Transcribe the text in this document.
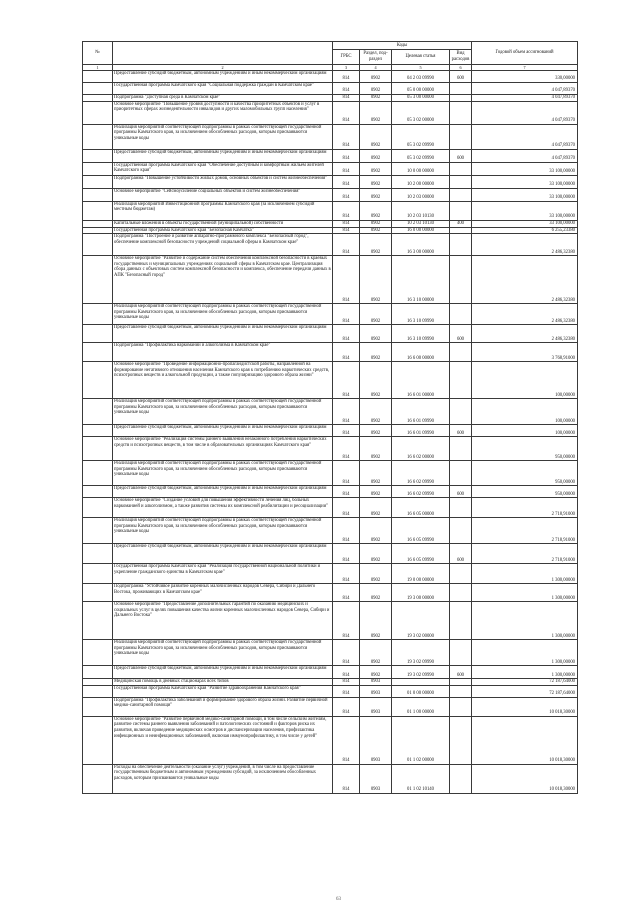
№		Коды				Годовой объем ассигнований
		ГРБС	Раздел, под-раздел	Целевая статья	Вид расходов	
1	2	3	4	5	6	7
	Предоставление субсидий бюджетным, автономным учреждениям и иным некоммерческим организациям	814	0902	04 2 03 09990	600	330,00000
	Государственная программа Камчатского края "Социальная поддержка граждан в Камчатском крае"	814	0902	05 0 00 00000		4 047,89370
	Подпрограмма "Доступная среда в Камчатском крае"	814	0902	05 3 00 00000		4 047,89370
	Основное мероприятие "Повышение уровня доступности и качества приоритетных объектов и услуг в приоритетных сферах жизнедеятельности инвалидов и других маломобильных групп населения"	814	0902	05 3 02 00000		4 047,89370
	Реализация мероприятий соответствующей подпрограммы в рамках соответствующей государственной программы Камчатского края, за исключением обособленных расходов, которым присваиваются уникальные коды	814	0902	05 3 02 09990		4 047,89370
	Предоставление субсидий бюджетным, автономным учреждениям и иным некоммерческим организациям	814	0902	05 3 02 09990	600	4 047,89370
	Государственная программа Камчатского края "Обеспечение доступным и комфортным жильем жителей Камчатского края"	814	0902	10 0 00 00000		33 100,00000
	Подпрограмма "Повышение устойчивости жилых домов, основных объектов и систем жизнеобеспечения"	814	0902	10 2 00 00000		33 100,00000
	Основное мероприятие "Сейсмоусиление социальных объектов и систем жизнеобеспечения"	814	0902	10 2 03 00000		33 100,00000
	Реализация мероприятий Инвестиционной программы Камчатского края (за исключением субсидий местным бюджетам)	814	0902	10 2 03 10130		33 100,00000
	Капитальные вложения в объекты государственной (муниципальной) собственности	814	0902	10 2 03 10130	400	33 100,00000
	Государственная программа Камчатского края "Безопасная Камчатка"	814	0902	16 0 00 00000		6 255,23380
	Подпрограмма "Построение и развитие аппаратно-программного комплекса "Безопасный город", обеспечение комплексной безопасности учреждений социальной сферы в Камчатском крае"	814	0902	16 3 00 00000		2 486,32380
	Основное мероприятие "Развитие и содержание систем обеспечения комплексной безопасности в краевых государственных и муниципальных учреждениях социальной сферы в Камчатском крае. Централизация сбора данных с объектовых систем комплексной безопасности и комплекса, обеспечение передачи данных в АПК "Безопасный город"	814	0902	16 3 10 00000		2 486,32380
	Реализация мероприятий соответствующей подпрограммы в рамках соответствующей государственной программы Камчатского края, за исключением обособленных расходов, которым присваиваются уникальные коды	814	0902	16 3 10 09990		2 486,32380
	Предоставление субсидий бюджетным, автономным учреждениям и иным некоммерческим организациям	814	0902	16 3 10 09990	600	2 486,32380
	Подпрограмма "Профилактика наркомании и алкоголизма в Камчатском крае"	814	0902	16 6 00 00000		3 768,91000
	Основное мероприятие "Проведение информационно-пропагандистской работы, направленной на формирование негативного отношения населения Камчатского края к потреблению наркотических средств, психотропных веществ и алкогольной продукции, а также популяризацию здорового образа жизни"	814	0902	16 6 01 00000		100,00000
	Реализация мероприятий соответствующей подпрограммы в рамках соответствующей государственной программы Камчатского края, за исключением обособленных расходов, которым присваиваются уникальные коды	814	0902	16 6 01 09990		100,00000
	Предоставление субсидий бюджетным, автономным учреждениям и иным некоммерческим организациям	814	0902	16 6 01 09990	600	100,00000
	Основное мероприятие "Реализация системы раннего выявления незаконного потребления наркотических средств и психотропных веществ, в том числе в образовательных организациях Камчатского края"	814	0902	16 6 02 00000		950,00000
	Реализация мероприятий соответствующей подпрограммы в рамках соответствующей государственной программы Камчатского края, за исключением обособленных расходов, которым присваиваются уникальные коды	814	0902	16 6 02 09990		950,00000
	Предоставление субсидий бюджетным, автономным учреждениям и иным некоммерческим организациям	814	0902	16 6 02 09990	600	950,00000
	Основное мероприятие "Создание условий для повышения эффективности лечения лиц, больных наркоманией и алкоголизмом, а также развития системы их комплексной реабилитации и ресоциализации"	814	0902	16 6 05 00000		2 718,91000
	Реализация мероприятий соответствующей подпрограммы в рамках соответствующей государственной программы Камчатского края, за исключением обособленных расходов, которым присваиваются уникальные коды	814	0902	16 6 05 09990		2 718,91000
	Предоставление субсидий бюджетным, автономным учреждениям и иным некоммерческим организациям	814	0902	16 6 05 09990	600	2 718,91000
	Государственная программа Камчатского края "Реализация государственной национальной политики и укрепление гражданского единства в Камчатском крае"	814	0902	19 0 00 00000		1 300,00000
	Подпрограмма "Устойчивое развитие коренных малочисленных народов Севера, Сибири и Дальнего Востока, проживающих в Камчатском крае"	814	0902	19 3 00 00000		1 300,00000
	Основное мероприятие "Предоставление дополнительных гарантий по оказанию медицинских и социальных услуг в целях повышения качества жизни коренных малочисленных народов Севера, Сибири и Дальнего Востока"	814	0902	19 3 02 00000		1 300,00000
	Реализация мероприятий соответствующей подпрограммы в рамках соответствующей государственной программы Камчатского края, за исключением обособленных расходов, которым присваиваются уникальные коды	814	0902	19 3 02 09990		1 300,00000
	Предоставление субсидий бюджетным, автономным учреждениям и иным некоммерческим организациям	814	0902	19 3 02 09990	600	1 300,00000
	Медицинская помощь в дневных стационарах всех типов	814	0903			72 187,64000
	Государственная программа Камчатского края "Развитие здравоохранения Камчатского края"	814	0903	01 0 00 00000		72 187,64000
	Подпрограмма "Профилактика заболеваний и формирование здорового образа жизни. Развитие первичной медико-санитарной помощи"	814	0903	01 1 00 00000		10 018,30000
	Основное мероприятие "Развитие первичной медико-санитарной помощи, в том числе сельским жителям, развитие системы раннего выявления заболеваний и патологических состояний и факторов риска их развития, включая проведение медицинских осмотров и диспансеризации населения, профилактика инфекционных и неинфекционных заболеваний, включая иммунопрофилактику, в том числе у детей"	814	0903	01 1 02 00000		10 018,30000
	Расходы на обеспечение деятельности (оказание услуг) учреждений, в том числе на предоставление государственным бюджетным и автономным учреждениям субсидий, за исключением обособленных расходов, которым присваиваются уникальные коды	814	0903	01 1 02 10140		10 018,30000
63
